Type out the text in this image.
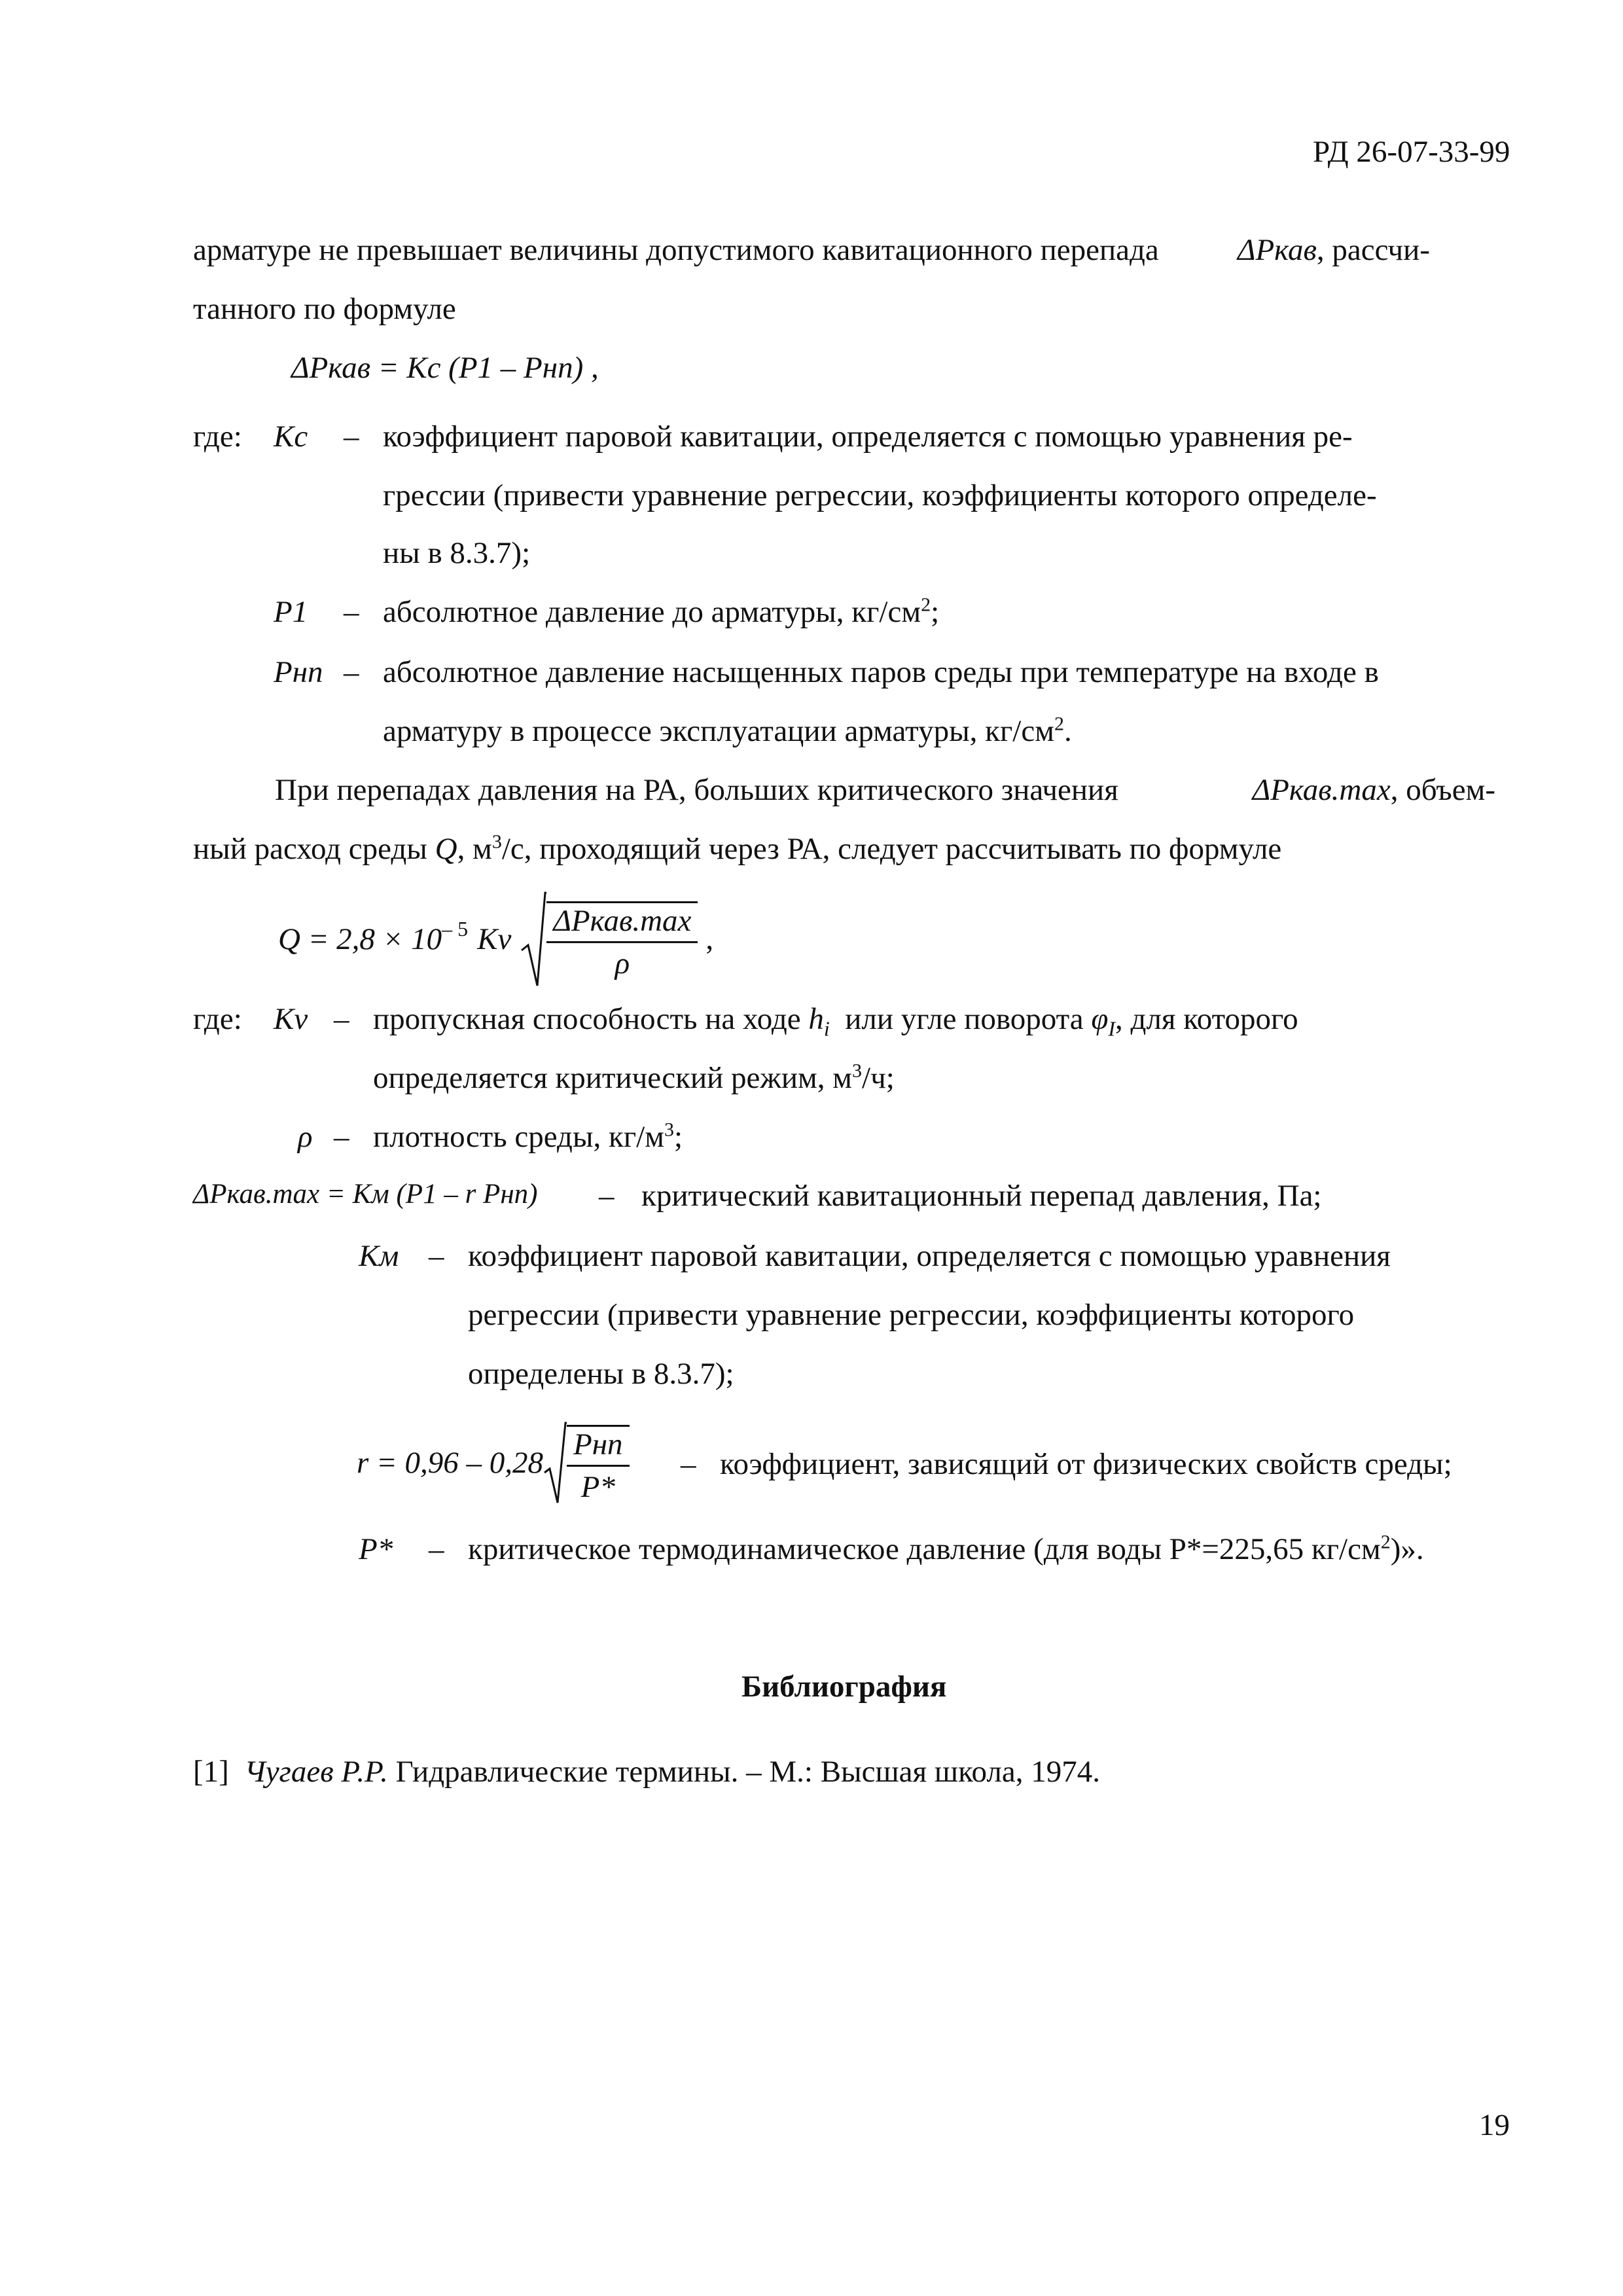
РД 26-07-33-99
арматуре не превышает величины допустимого кавитационного перепада	ΔPкав, рассчи-
танного по формуле
ΔPкав = Kc (P1 – Pнп) ,
где: Kc – коэффициент паровой кавитации, определяется с помощью уравнения ре-
грессии (привести уравнение регрессии, коэффициенты которого определе-
ны в 8.3.7);
P1 – абсолютное давление до арматуры, $кг/см^2$;
Pнп – абсолютное давление насыщенных паров среды при температуре на входе в
арматуру в процессе эксплуатации арматуры, $кг/см^2$.
При перепадах давления на РА, больших критического значения	ΔPкав.max, объем-
ный расход среды Q, $м^3/с$, проходящий через РА, следует рассчитывать по формуле
$Q = 2,8 \times 10^{- 5}$ Kv $\frac{\text{ΔPкав.max}}{\rho}$ ,
где: Kv – пропускная способность на ходе $h_i$ или угле поворота $\varphi_I$, для которого
определяется критический режим, $м^3/ч$;
ρ – плотность среды, $кг/м^3$;
ΔPкав.max = Kм (P1 – r Pнп) – критический кавитационный перепад давления, Па;
Kм – коэффициент паровой кавитации, определяется с помощью уравнения
регрессии (привести уравнение регрессии, коэффициенты которого
определены в 8.3.7);
$r = 0,96 - 0,28 \frac{\text{Pнп}}{P*}$ – коэффициент, зависящий от физических свойств среды;
P* – критическое термодинамическое давление (для воды Р*=225,65 $кг/см^2$)».
Библиография
[1] Чугаев Р.Р. Гидравлические термины. – М.: Высшая школа, 1974.
19
